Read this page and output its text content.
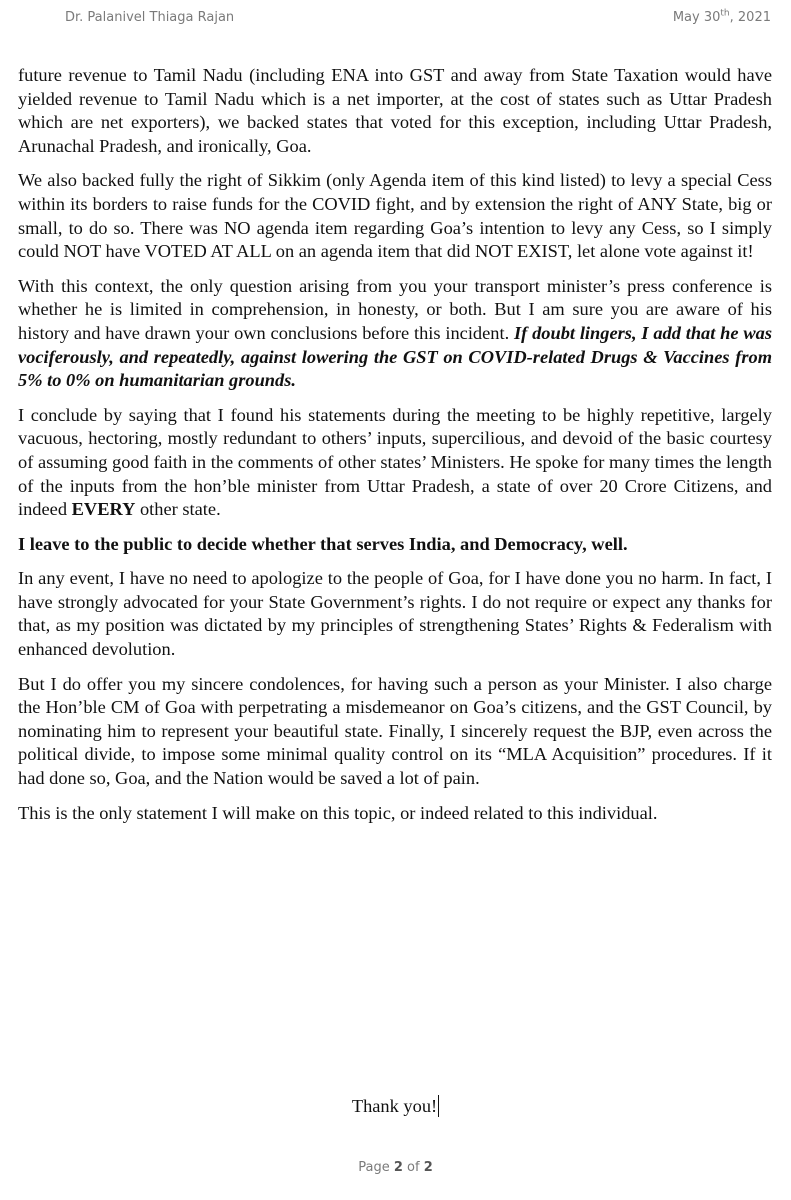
Dr. Palanivel Thiaga Rajan	May 30th, 2021

future revenue to Tamil Nadu (including ENA into GST and away from State Taxation would have yielded revenue to Tamil Nadu which is a net importer, at the cost of states such as Uttar Pradesh which are net exporters), we backed states that voted for this exception, including Uttar Pradesh, Arunachal Pradesh, and ironically, Goa.

We also backed fully the right of Sikkim (only Agenda item of this kind listed) to levy a special Cess within its borders to raise funds for the COVID fight, and by extension the right of ANY State, big or small, to do so. There was NO agenda item regarding Goa’s intention to levy any Cess, so I simply could NOT have VOTED AT ALL on an agenda item that did NOT EXIST, let alone vote against it!

With this context, the only question arising from you your transport minister’s press conference is whether he is limited in comprehension, in honesty, or both. But I am sure you are aware of his history and have drawn your own conclusions before this incident. If doubt lingers, I add that he was vociferously, and repeatedly, against lowering the GST on COVID-related Drugs & Vaccines from 5% to 0% on humanitarian grounds.

I conclude by saying that I found his statements during the meeting to be highly repetitive, largely vacuous, hectoring, mostly redundant to others’ inputs, supercilious, and devoid of the basic courtesy of assuming good faith in the comments of other states’ Ministers. He spoke for many times the length of the inputs from the hon’ble minister from Uttar Pradesh, a state of over 20 Crore Citizens, and indeed EVERY other state.

I leave to the public to decide whether that serves India, and Democracy, well.

In any event, I have no need to apologize to the people of Goa, for I have done you no harm. In fact, I have strongly advocated for your State Government’s rights. I do not require or expect any thanks for that, as my position was dictated by my principles of strengthening States’ Rights & Federalism with enhanced devolution.

But I do offer you my sincere condolences, for having such a person as your Minister. I also charge the Hon’ble CM of Goa with perpetrating a misdemeanor on Goa’s citizens, and the GST Council, by nominating him to represent your beautiful state. Finally, I sincerely request the BJP, even across the political divide, to impose some minimal quality control on its “MLA Acquisition” procedures. If it had done so, Goa, and the Nation would be saved a lot of pain.

This is the only statement I will make on this topic, or indeed related to this individual.

Thank you!
Page 2 of 2
